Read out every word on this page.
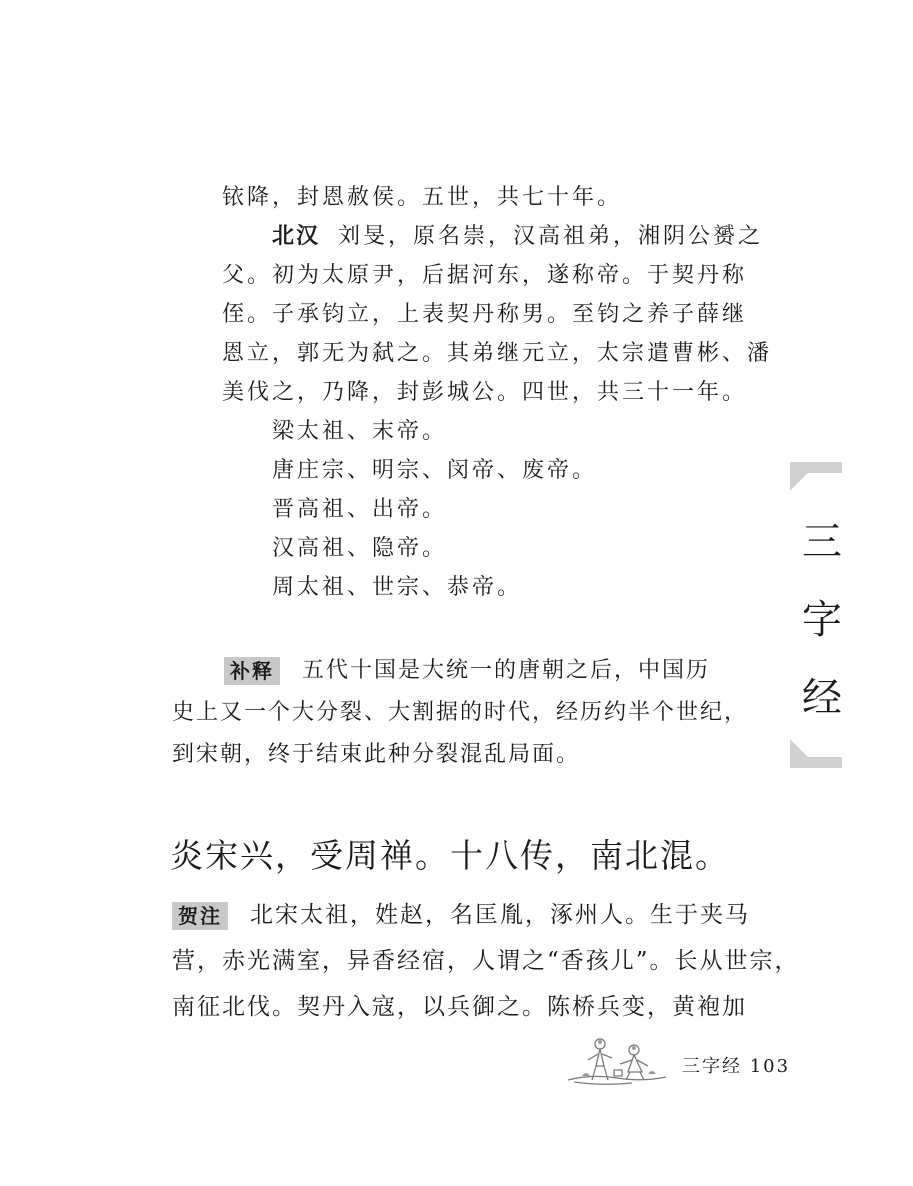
铱降，封恩赦侯。五世，共七十年。
北汉 刘旻，原名崇，汉高祖弟，湘阴公赟之
父。初为太原尹，后据河东，遂称帝。于契丹称
侄。子承钧立，上表契丹称男。至钧之养子薛继
恩立，郭无为弑之。其弟继元立，太宗遣曹彬、潘
美伐之，乃降，封彭城公。四世，共三十一年。
梁太祖、末帝。
唐庄宗、明宗、闵帝、废帝。
晋高祖、出帝。
汉高祖、隐帝。
周太祖、世宗、恭帝。
补释 五代十国是大统一的唐朝之后，中国历
史上又一个大分裂、大割据的时代，经历约半个世纪，
到宋朝，终于结束此种分裂混乱局面。
炎宋兴，受周禅。十八传，南北混。
贺注 北宋太祖，姓赵，名匡胤，涿州人。生于夹马
营，赤光满室，异香经宿，人谓之“香孩儿”。长从世宗，
南征北伐。契丹入寇，以兵御之。陈桥兵变，黄袍加
三
字
经
三字经 103
